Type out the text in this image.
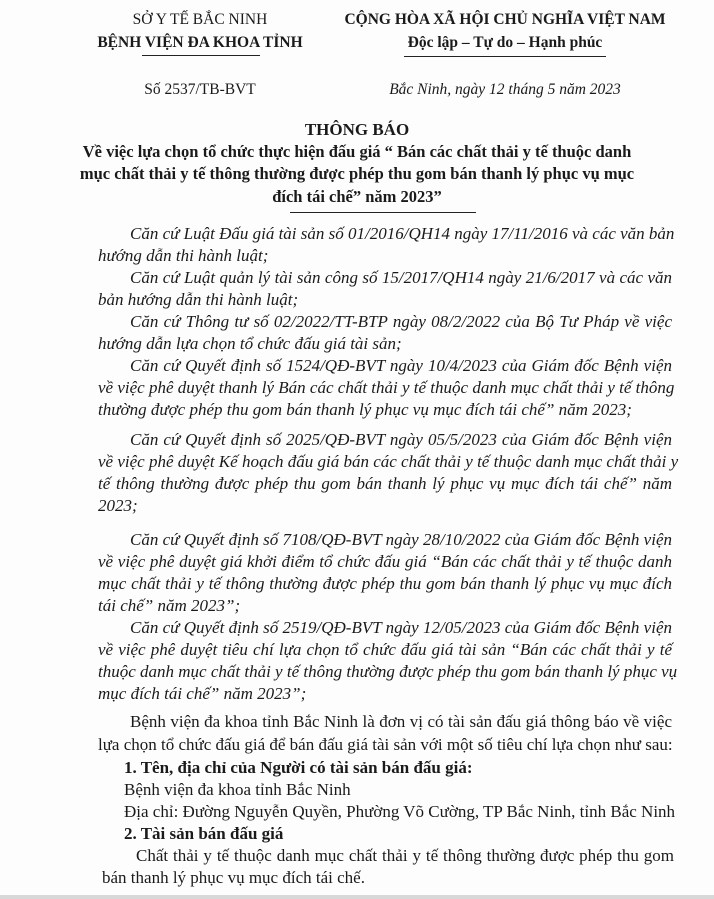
SỞ Y TẾ BẮC NINH
BỆNH VIỆN ĐA KHOA TỈNH
CỘNG HÒA XÃ HỘI CHỦ NGHĨA VIỆT NAM
Độc lập – Tự do – Hạnh phúc
Số 2537/TB-BVT	Bắc Ninh, ngày 12 tháng 5 năm 2023
THÔNG BÁO
Về việc lựa chọn tổ chức thực hiện đấu giá “ Bán các chất thải y tế thuộc danh
mục chất thải y tế thông thường được phép thu gom bán thanh lý phục vụ mục
đích tái chế” năm 2023”
Căn cứ Luật Đấu giá tài sản số 01/2016/QH14 ngày 17/11/2016 và các văn bản
hướng dẫn thi hành luật;
Căn cứ Luật quản lý tài sản công số 15/2017/QH14 ngày 21/6/2017 và các văn
bản hướng dẫn thi hành luật;
Căn cứ Thông tư số 02/2022/TT-BTP ngày 08/2/2022 của Bộ Tư Pháp về việc
hướng dẫn lựa chọn tổ chức đấu giá tài sản;
Căn cứ Quyết định số 1524/QĐ-BVT ngày 10/4/2023 của Giám đốc Bệnh viện
về việc phê duyệt thanh lý Bán các chất thải y tế thuộc danh mục chất thải y tế thông
thường được phép thu gom bán thanh lý phục vụ mục đích tái chế” năm 2023;
Căn cứ Quyết định số 2025/QĐ-BVT ngày 05/5/2023 của Giám đốc Bệnh viện
về việc phê duyệt Kế hoạch đấu giá bán các chất thải y tế thuộc danh mục chất thải y
tế thông thường được phép thu gom bán thanh lý phục vụ mục đích tái chế” năm
2023;
Căn cứ Quyết định số 7108/QĐ-BVT ngày 28/10/2022 của Giám đốc Bệnh viện
về việc phê duyệt giá khởi điểm tổ chức đấu giá “Bán các chất thải y tế thuộc danh
mục chất thải y tế thông thường được phép thu gom bán thanh lý phục vụ mục đích
tái chế” năm 2023”;
Căn cứ Quyết định số 2519/QĐ-BVT ngày 12/05/2023 của Giám đốc Bệnh viện
về việc phê duyệt tiêu chí lựa chọn tổ chức đấu giá tài sản “Bán các chất thải y tế
thuộc danh mục chất thải y tế thông thường được phép thu gom bán thanh lý phục vụ
mục đích tái chế” năm 2023”;
Bệnh viện đa khoa tỉnh Bắc Ninh là đơn vị có tài sản đấu giá thông báo về việc
lựa chọn tổ chức đấu giá để bán đấu giá tài sản với một số tiêu chí lựa chọn như sau:
1. Tên, địa chỉ của Người có tài sản bán đấu giá:
Bệnh viện đa khoa tỉnh Bắc Ninh
Địa chỉ: Đường Nguyễn Quyền, Phường Võ Cường, TP Bắc Ninh, tỉnh Bắc Ninh
2. Tài sản bán đấu giá
Chất thải y tế thuộc danh mục chất thải y tế thông thường được phép thu gom
bán thanh lý phục vụ mục đích tái chế.
